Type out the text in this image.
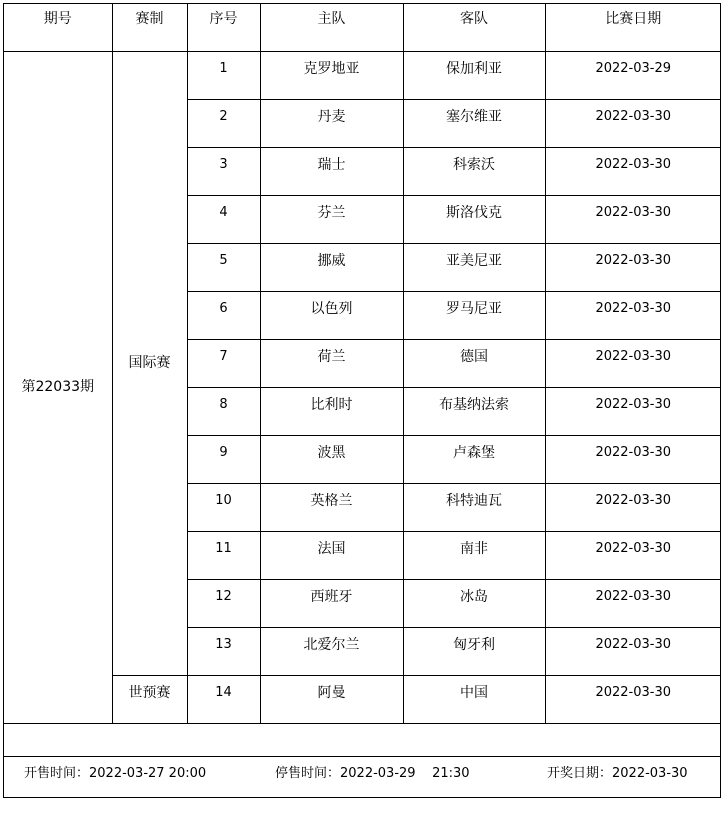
期号	赛制	序号	主队	客队	比赛日期
第22033期	国际赛	1	克罗地亚	保加利亚	2022-03-29
		2	丹麦	塞尔维亚	2022-03-30
		3	瑞士	科索沃	2022-03-30
		4	芬兰	斯洛伐克	2022-03-30
		5	挪威	亚美尼亚	2022-03-30
		6	以色列	罗马尼亚	2022-03-30
		7	荷兰	德国	2022-03-30
		8	比利时	布基纳法索	2022-03-30
		9	波黑	卢森堡	2022-03-30
		10	英格兰	科特迪瓦	2022-03-30
		11	法国	南非	2022-03-30
		12	西班牙	冰岛	2022-03-30
		13	北爱尔兰	匈牙利	2022-03-30
	世预赛	14	阿曼	中国	2022-03-30

开售时间：2022-03-27 20:00

	停售时间：2022-03-29    21:30

	开奖日期：2022-03-30
